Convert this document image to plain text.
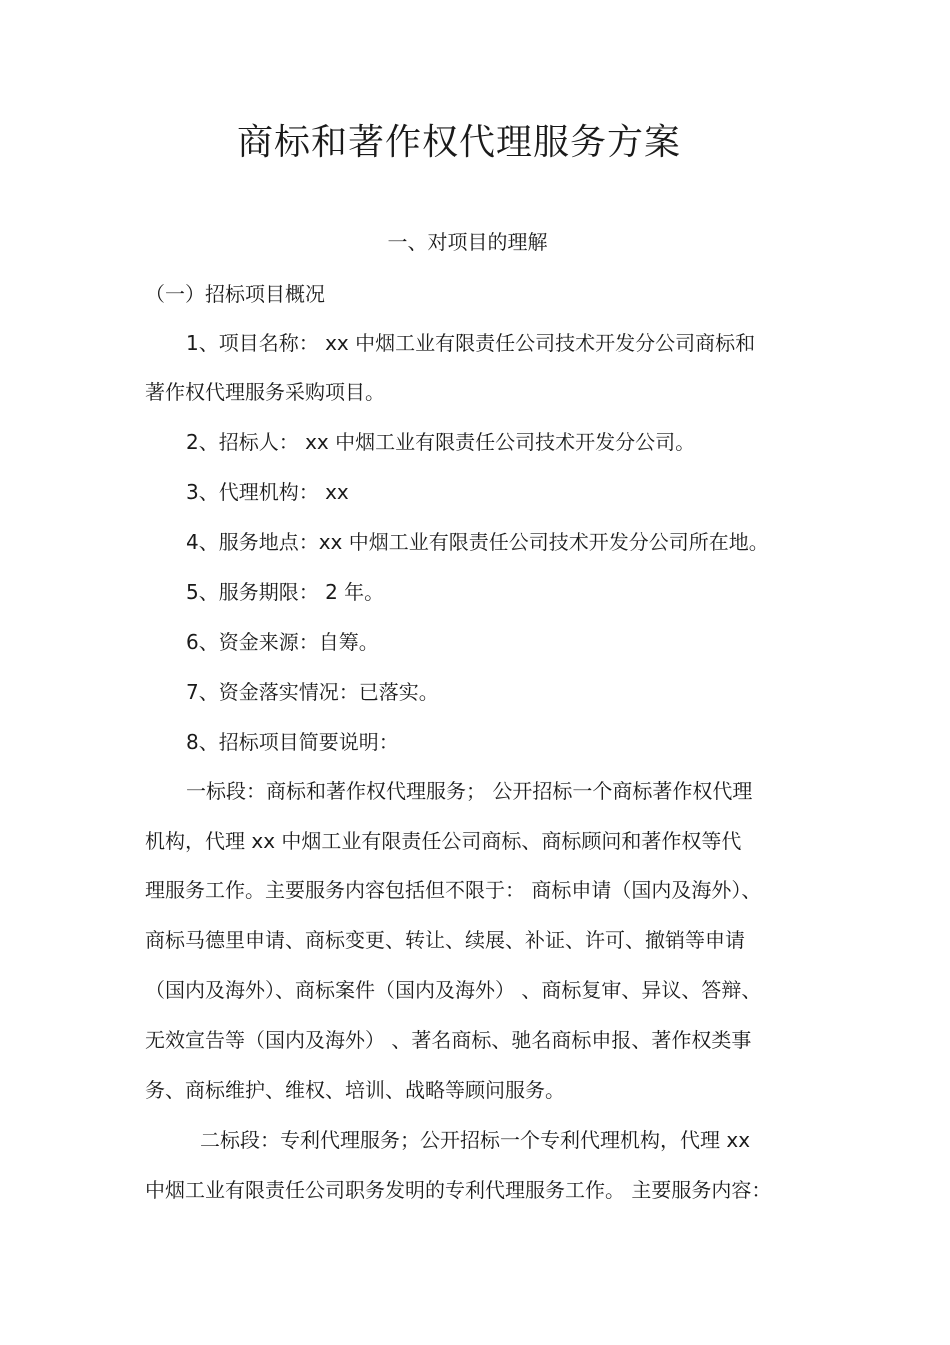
商标和著作权代理服务方案
一、对项目的理解
（一）招标项目概况
1、项目名称： xx 中烟工业有限责任公司技术开发分公司商标和
著作权代理服务采购项目。
2、招标人： xx 中烟工业有限责任公司技术开发分公司。
3、代理机构： xx
4、服务地点：xx 中烟工业有限责任公司技术开发分公司所在地。
5、服务期限： 2 年。
6、资金来源：自筹。
7、资金落实情况：已落实。
8、招标项目简要说明：
一标段：商标和著作权代理服务； 公开招标一个商标著作权代理
机构，代理 xx 中烟工业有限责任公司商标、商标顾问和著作权等代
理服务工作。主要服务内容包括但不限于： 商标申请（国内及海外）、
商标马德里申请、商标变更、转让、续展、补证、许可、撤销等申请
（国内及海外）、商标案件（国内及海外） 、商标复审、异议、答辩、
无效宣告等（国内及海外） 、著名商标、驰名商标申报、著作权类事
务、商标维护、维权、培训、战略等顾问服务。
二标段：专利代理服务；公开招标一个专利代理机构，代理 xx
中烟工业有限责任公司职务发明的专利代理服务工作。 主要服务内容：
